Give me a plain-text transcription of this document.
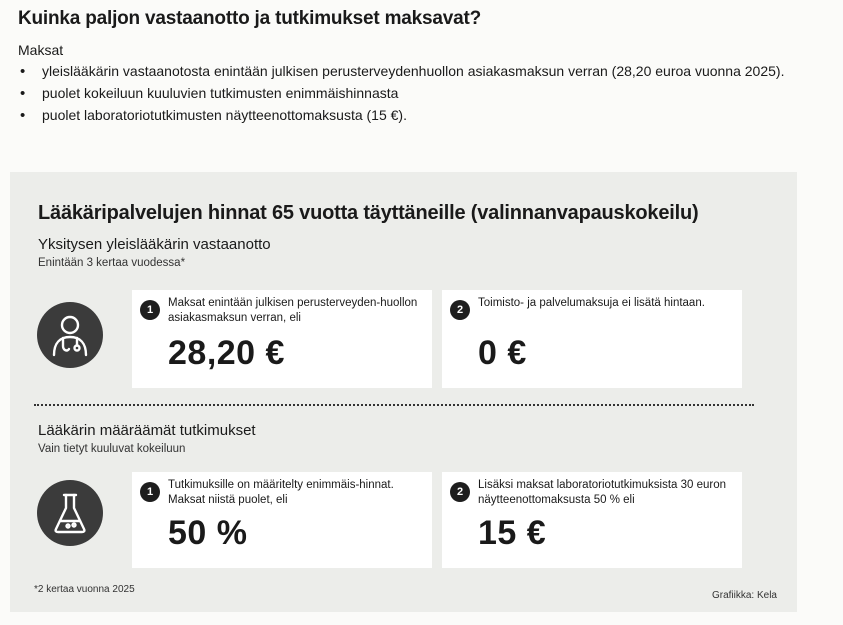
Kuinka paljon vastaanotto ja tutkimukset maksavat?
Maksat
• yleislääkärin vastaanotosta enintään julkisen perusterveydenhuollon asiakasmaksun verran (28,20 euroa vuonna 2025).
• puolet kokeiluun kuuluvien tutkimusten enimmäishinnasta
• puolet laboratoriotutkimusten näytteenottomaksusta (15 €).
Lääkäripalvelujen hinnat 65 vuotta täyttäneille (valinnanvapauskokeilu)
Yksitysen yleislääkärin vastaanotto
Enintään 3 kertaa vuodessa*
1
Maksat enintään julkisen perusterveyden-huollon asiakasmaksun verran, eli
28,20 €
2
Toimisto- ja palvelumaksuja ei lisätä hintaan.
0 €
Lääkärin määräämät tutkimukset
Vain tietyt kuuluvat kokeiluun
1
Tutkimuksille on määritelty enimmäis-hinnat. Maksat niistä puolet, eli
50 %
2
Lisäksi maksat laboratoriotutkimuksista 30 euron näytteenottomaksusta 50 % eli
15 €
*2 kertaa vuonna 2025
Grafiikka: Kela
